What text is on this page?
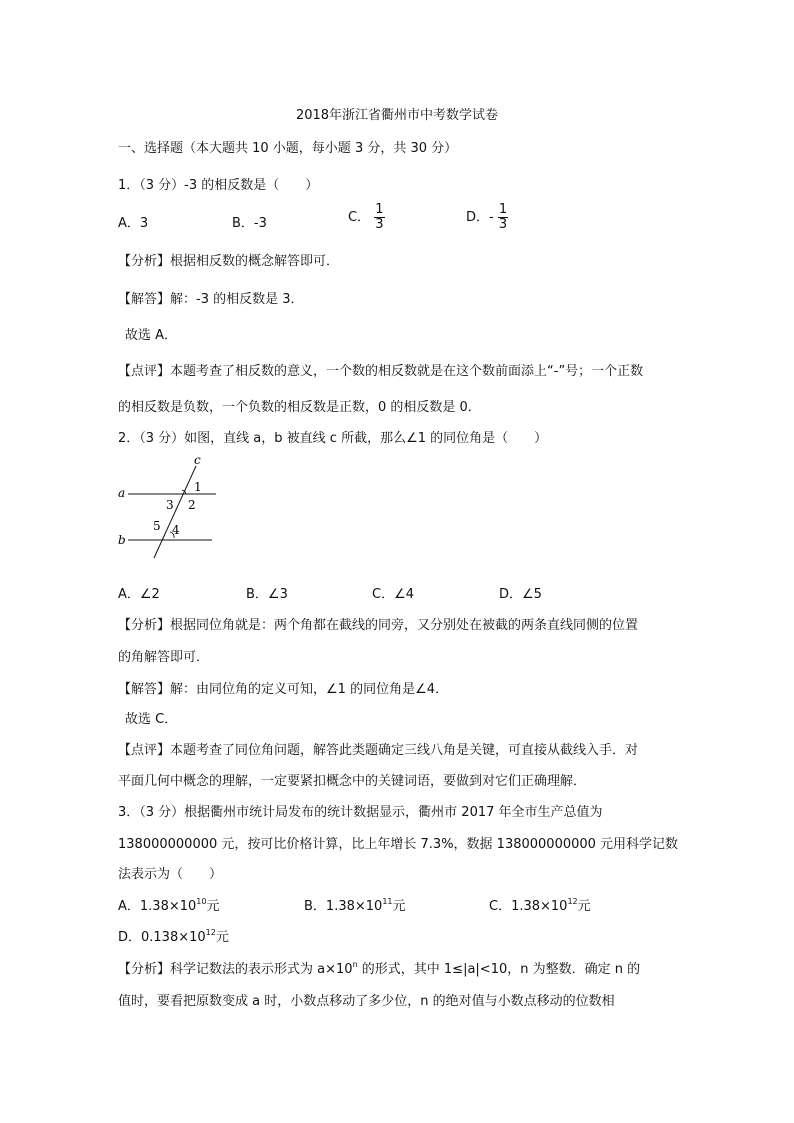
2018年浙江省衢州市中考数学试卷
一、选择题（本大题共 10 小题，每小题 3 分，共 30 分）
1．（3 分）-3 的相反数是（　　）
A．3	B．-3	C． $\frac{1}{3}$	D．- $\frac{1}{3}$
【分析】根据相反数的概念解答即可．
【解答】解：-3 的相反数是 3．
故选 A．
【点评】本题考查了相反数的意义，一个数的相反数就是在这个数前面添上“-”号；一个正数
的相反数是负数，一个负数的相反数是正数，0 的相反数是 0．
2．（3 分）如图，直线 a，b 被直线 c 所截，那么∠1 的同位角是（　　）
c
a
b
1
2
3
4
5
A．∠2	B．∠3	C．∠4	D．∠5
【分析】根据同位角就是：两个角都在截线的同旁，又分别处在被截的两条直线同侧的位置
的角解答即可．
【解答】解：由同位角的定义可知，∠1 的同位角是∠4．
故选 C．
【点评】本题考查了同位角问题，解答此类题确定三线八角是关键，可直接从截线入手．对
平面几何中概念的理解，一定要紧扣概念中的关键词语，要做到对它们正确理解．
3．（3 分）根据衢州市统计局发布的统计数据显示，衢州市 2017 年全市生产总值为
138000000000 元，按可比价格计算，比上年增长 7.3%，数据 138000000000 元用科学记数
法表示为（　　）
A．$1.38\times 10^{10}$元	B．$1.38\times 10^{11}$元	C．$1.38\times 10^{12}$元
D．$0.138\times 10^{12}$元
【分析】科学记数法的表示形式为 $a\times 10^n$ 的形式，其中 1≤|a|<10，n 为整数．确定 n 的
值时，要看把原数变成 a 时，小数点移动了多少位，n 的绝对值与小数点移动的位数相
